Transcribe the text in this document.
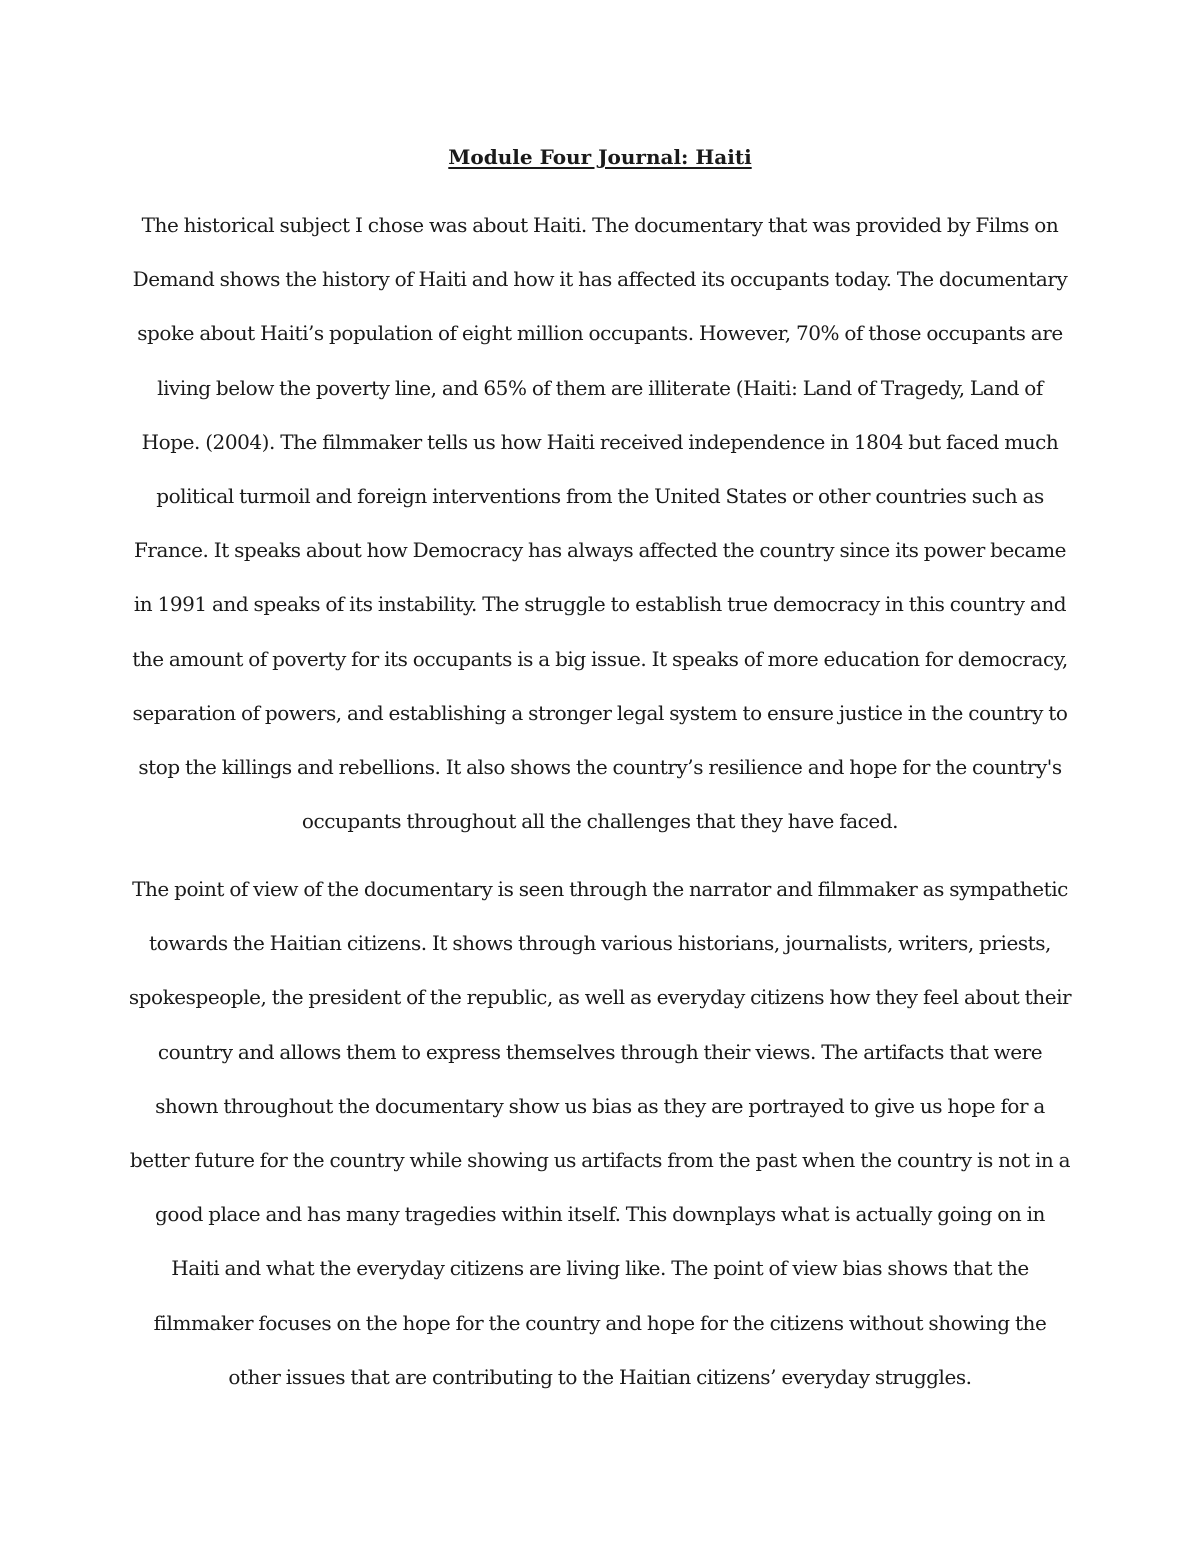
Module Four Journal: Haiti
The historical subject I chose was about Haiti. The documentary that was provided by Films on
Demand shows the history of Haiti and how it has affected its occupants today. The documentary
spoke about Haiti’s population of eight million occupants. However, 70% of those occupants are
living below the poverty line, and 65% of them are illiterate (Haiti: Land of Tragedy, Land of
Hope. (2004). The filmmaker tells us how Haiti received independence in 1804 but faced much
political turmoil and foreign interventions from the United States or other countries such as
France. It speaks about how Democracy has always affected the country since its power became
in 1991 and speaks of its instability. The struggle to establish true democracy in this country and
the amount of poverty for its occupants is a big issue. It speaks of more education for democracy,
separation of powers, and establishing a stronger legal system to ensure justice in the country to
stop the killings and rebellions. It also shows the country’s resilience and hope for the country's
occupants throughout all the challenges that they have faced.
The point of view of the documentary is seen through the narrator and filmmaker as sympathetic
towards the Haitian citizens. It shows through various historians, journalists, writers, priests,
spokespeople, the president of the republic, as well as everyday citizens how they feel about their
country and allows them to express themselves through their views. The artifacts that were
shown throughout the documentary show us bias as they are portrayed to give us hope for a
better future for the country while showing us artifacts from the past when the country is not in a
good place and has many tragedies within itself. This downplays what is actually going on in
Haiti and what the everyday citizens are living like. The point of view bias shows that the
filmmaker focuses on the hope for the country and hope for the citizens without showing the
other issues that are contributing to the Haitian citizens’ everyday struggles.
